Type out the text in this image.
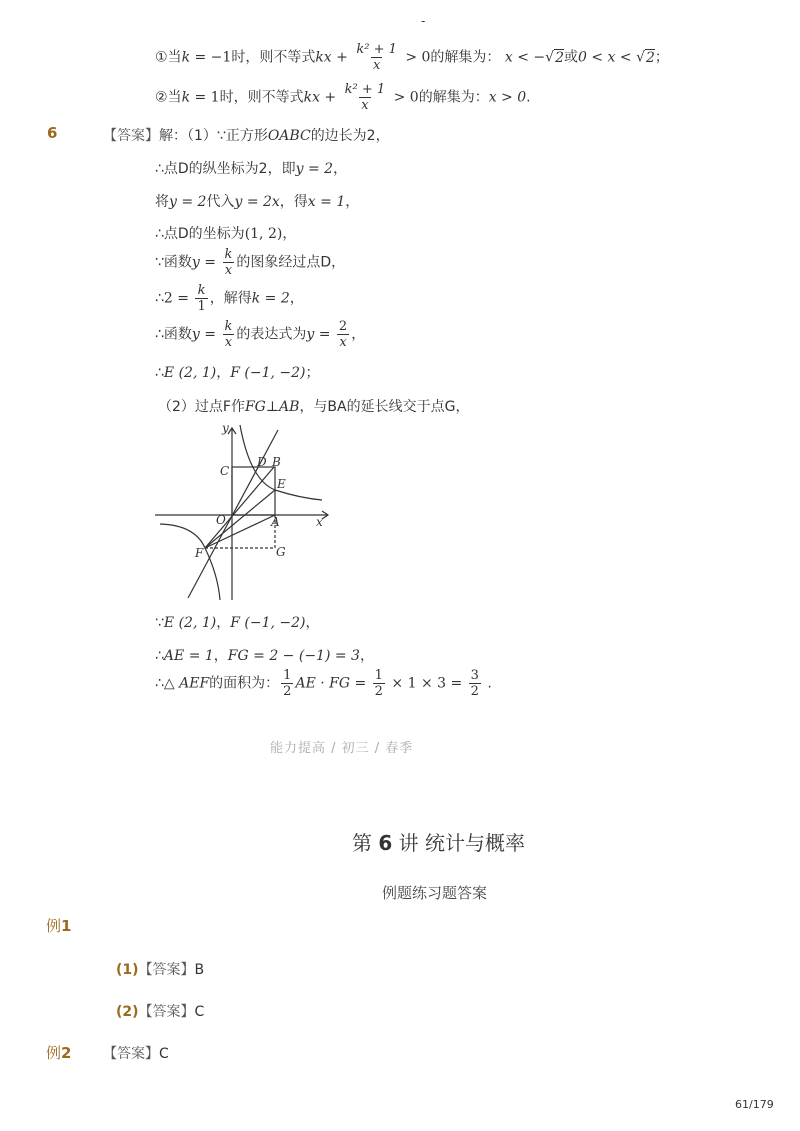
-
①当k = −1时，则不等式kx + $\frac{\text{k² + 1}}{x} > 0$的解集为： x < −√2或0 < x < √2；
②当k = 1时，则不等式kx + $\frac{\text{k² + 1}}{x} > 0$的解集为：x > 0.
6	【答案】解：（1）∵正方形OABC的边长为2，
∴点D的纵坐标为2，即y = 2，
将y = 2代入y = 2x，得x = 1，
∴点D的坐标为(1, 2)，
∵函数$y = \frac{k}{x}$ 的图象经过点D，
∴2 = $\frac{k}{1}$ ，解得k = 2，
∴函数$y = \frac{k}{x}$ 的表达式为$y = \frac{2}{x}$ ，
∴E (2, 1)，F (−1, −2)；
（2）过点F作FG⊥AB，与BA的延长线交于点G，
y
x
O	A
B
C
D
E
F	G
∵E (2, 1)，F (−1, −2)，
∴AE = 1，FG = 2 − (−1) = 3，
∴△ AEF的面积为： $\frac{1}{2}$ AE · FG = $\frac{1}{2} \times 1 \times 3 = \frac{3}{2}$ .
能力提高 / 初三 / 春季
第 6 讲 统计与概率
例题练习题答案
例1
(1)【答案】B
(2)【答案】C
例2 【答案】C
61/179
